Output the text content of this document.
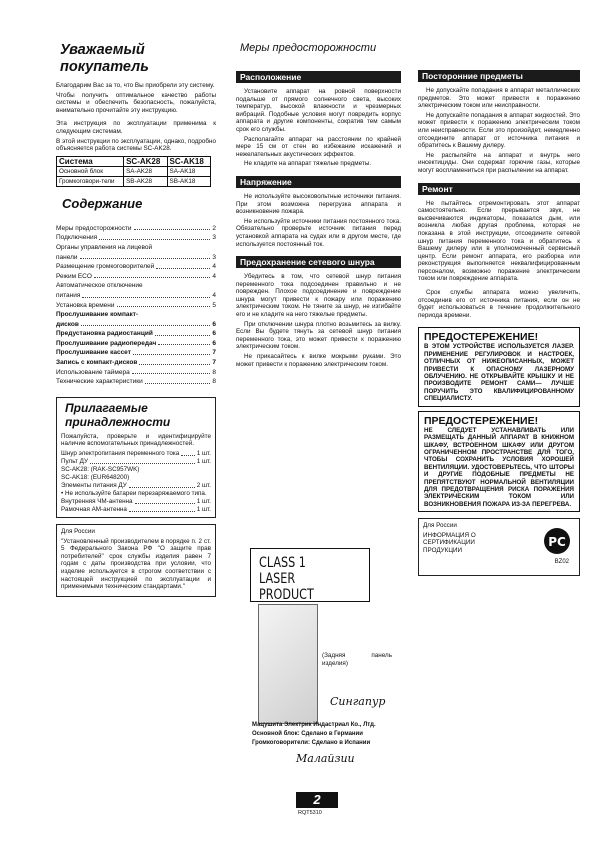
Уважаемый покупатель
Благодарим Вас за то, что Вы приобрели эту систему.
Чтобы получить оптимальное качество работы системы и обеспечить безопасность, пожалуйста, внимательно прочитайте эту инструкцию.
Эта инструкция по эксплуатации применима к следующим системам.
В этой инструкции по эксплуатации, однако, подробно объясняется работа системы SC-AK28.
Система	SC-AK28	SC-AK18
Основной блок	SA-AK28	SA-AK18
Громкоговори-тели	SB-AK28	SB-AK18
Содержание
Меры предосторожности	2
Подключения	3
Органы управления на лицевой
панели	3
Размещение громкоговорителей	4
Режим ECO	4
Автоматическое отключение
питания	4
Установка времени	5
Прослушивание компакт-
дисков	6
Предустановка радиостанций	6
Прослушивание радиопередач	6
Прослушивание кассет	7
Запись с компакт-дисков	7
Использование таймера	8
Технические характеристики	8
Прилагаемые принадлежности
Пожалуйста, проверьте и идентифицируйте наличие вспомогательных принадлежностей.
Шнур электропитания переменного тока	1 шт.
Пульт ДУ	1 шт.
SC-AK28: (RAK-SC957WK)
SC-AK18: (EUR648200)
Элементы питания ДУ	2 шт.
• Не используйте батареи перезаряжаемого типа.
Внутренняя ЧМ-антенна	1 шт.
Рамочная АМ-антенна	1 шт.
Для России
"Установленный производителем в порядке п. 2 ст. 5 Федерального Закона РФ "О защите прав потребителей" срок службы изделия равен 7 годам с даты производства при условии, что изделие используется в строгом соответствии с настоящей инструкцией по эксплуатации и применимыми техническим стандартами."
Меры предосторожности
Расположение
Установите аппарат на ровной поверхности подальше от прямого солнечного света, высоких температур, высокой влажности и чрезмерных вибраций. Подобные условия могут повредить корпус аппарата и другие компоненты, сократив тем самым срок его службы.
Располагайте аппарат на расстоянии по крайней мере 15 см от стен во избежание искажений и нежелательных акустических эффектов.
Не кладите на аппарат тяжелые предметы.
Напряжение
Не используйте высоковольтные источники питания. При этом возможна перегрузка аппарата и возникновение пожара.
Не используйте источники питания постоянного тока. Обязательно проверьте источник питания перед установкой аппарата на судах или в другом месте, где используется постоянный ток.
Предохранение сетевого шнура
Убедитесь в том, что сетевой шнур питания переменного тока подсоединен правильно и не поврежден. Плохое подсоединение и повреждение шнура могут привести к пожару или поражению электрическим током. Не тяните за шнур, не изгибайте его и не кладите на него тяжелые предметы.
При отключении шнура плотно возьмитесь за вилку. Если Вы будете тянуть за сетевой шнур питания переменного тока, это может привести к поражению электрическим током.
Не прикасайтесь к вилке мокрыми руками. Это может привести к поражению электрическим током.
CLASS 1
LASER PRODUCT
(Задняя панель изделия)
Сингапур
Мацушита Электрик Индастриал Ко., Лтд.
Основной блок: Сделано в Германии
Громкоговорители: Сделано в Испании
Малайзии
2
RQT5310
Посторонние предметы
Не допускайте попадания в аппарат металлических предметов. Это может привести к поражению электрическим током или неисправности.
Не допускайте попадания в аппарат жидкостей. Это может привести к поражению электрическим током или неисправности. Если это произойдет, немедленно отсоедините аппарат от источника питания и обратитесь к Вашему дилеру.
Не распыляйте на аппарат и внутрь него инсектициды. Они содержат горючие газы, которые могут воспламениться при распылении на аппарат.
Ремонт
Не пытайтесь отремонтировать этот аппарат самостоятельно. Если прерывается звук, не высвечиваются индикаторы, показался дым, или возникла любая другая проблема, которая не показана в этой инструкции, отсоедините сетевой шнур питания переменного тока и обратитесь к Вашему дилеру или в уполномоченный сервисный центр. Если ремонт аппарата, его разборка или реконструкция выполняется неквалифицированным персоналом, возможно поражение электрическим током или повреждение аппарата.
Срок службы аппарата можно увеличить, отсоединив его от источника питания, если он не будет использоваться в течение продолжительного периода времени.
ПРЕДОСТЕРЕЖЕНИЕ!
В ЭТОМ УСТРОЙСТВЕ ИСПОЛЬЗУЕТСЯ ЛАЗЕР. ПРИМЕНЕНИЕ РЕГУЛИРОВОК И НАСТРОЕК, ОТЛИЧНЫХ ОТ НИЖЕОПИСАННЫХ, МОЖЕТ ПРИВЕСТИ К ОПАСНОМУ ЛАЗЕРНОМУ ОБЛУЧЕНИЮ. НЕ ОТКРЫВАЙТЕ КРЫШКУ И НЕ ПРОИЗВОДИТЕ РЕМОНТ САМИ— ЛУЧШЕ ПОРУЧИТЬ ЭТО КВАЛИФИЦИРОВАННОМУ СПЕЦИАЛИСТУ.
ПРЕДОСТЕРЕЖЕНИЕ!
НЕ СЛЕДУЕТ УСТАНАВЛИВАТЬ ИЛИ РАЗМЕЩАТЬ ДАННЫЙ АППАРАТ В КНИЖНОМ ШКАФУ, ВСТРОЕННОМ ШКАФУ ИЛИ ДРУГОМ ОГРАНИЧЕННОМ ПРОСТРАНСТВЕ ДЛЯ ТОГО, ЧТОБЫ СОХРАНИТЬ УСЛОВИЯ ХОРОШЕЙ ВЕНТИЛЯЦИИ. УДОСТОВЕРЬТЕСЬ, ЧТО ШТОРЫ И ДРУГИЕ ПОДОБНЫЕ ПРЕДМЕТЫ НЕ ПРЕПЯТСТВУЮТ НОРМАЛЬНОЙ ВЕНТИЛЯЦИИ ДЛЯ ПРЕДОТВРАЩЕНИЯ РИСКА ПОРАЖЕНИЯ ЭЛЕКТРИЧЕСКИМ ТОКОМ ИЛИ ВОЗНИКНОВЕНИЯ ПОЖАРА ИЗ-ЗА ПЕРЕГРЕВА.
Для России
ИНФОРМАЦИЯ О СЕРТИФИКАЦИИ ПРОДУКЦИИ
PC
BZ02
